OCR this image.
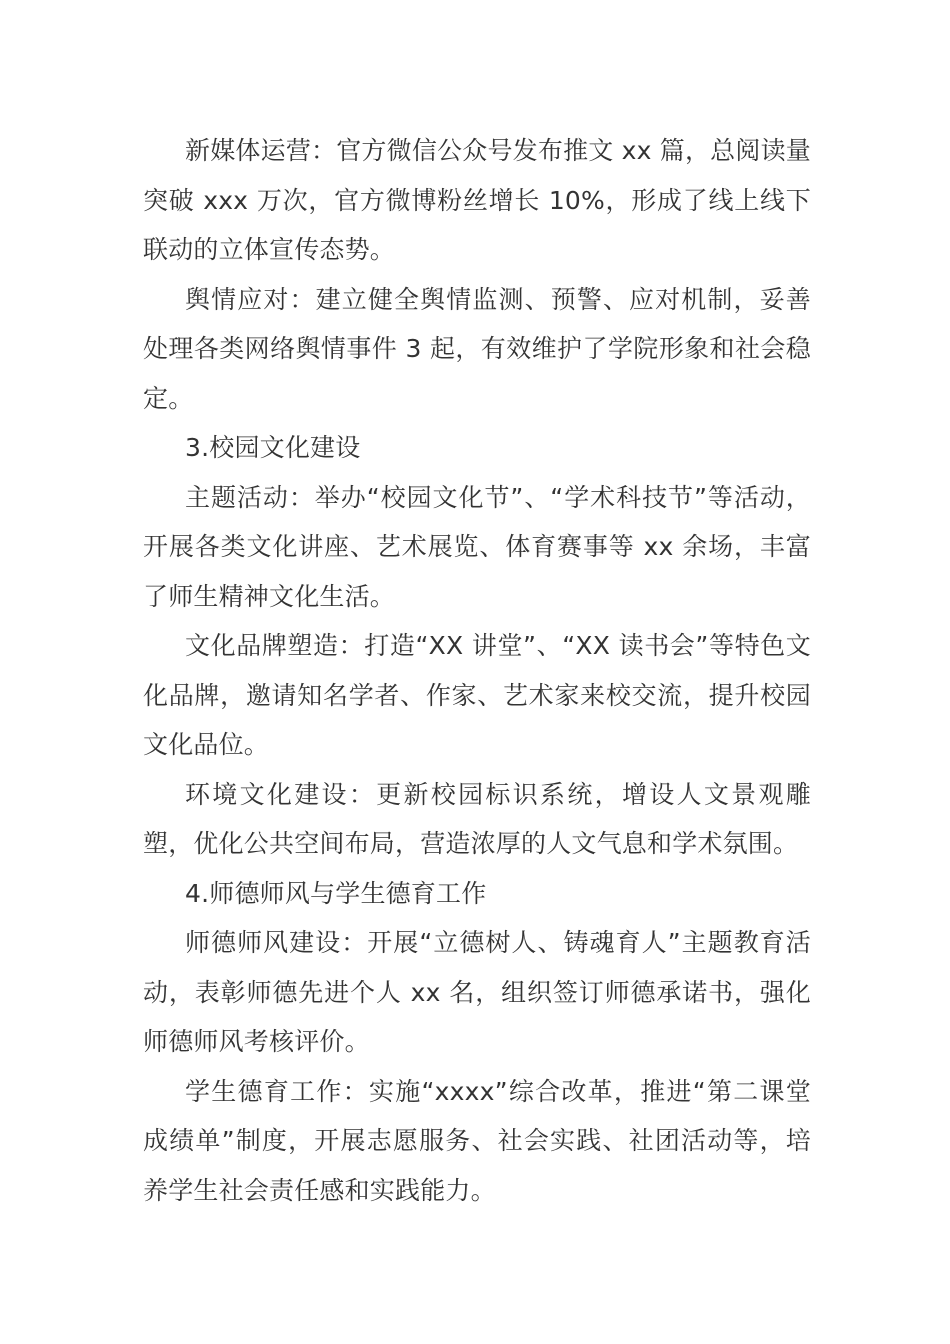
新媒体运营：官方微信公众号发布推文 xx 篇，总阅读量突破 xxx 万次，官方微博粉丝增长 10%，形成了线上线下联动的立体宣传态势。

舆情应对：建立健全舆情监测、预警、应对机制，妥善处理各类网络舆情事件 3 起，有效维护了学院形象和社会稳定。

3.校园文化建设

主题活动：举办“校园文化节”、“学术科技节”等活动，开展各类文化讲座、艺术展览、体育赛事等 xx 余场，丰富了师生精神文化生活。

文化品牌塑造：打造“XX 讲堂”、“XX 读书会”等特色文化品牌，邀请知名学者、作家、艺术家来校交流，提升校园文化品位。

环境文化建设：更新校园标识系统，增设人文景观雕塑，优化公共空间布局，营造浓厚的人文气息和学术氛围。

4.师德师风与学生德育工作

师德师风建设：开展“立德树人、铸魂育人”主题教育活动，表彰师德先进个人 xx 名，组织签订师德承诺书，强化师德师风考核评价。

学生德育工作：实施“xxxx”综合改革，推进“第二课堂成绩单”制度，开展志愿服务、社会实践、社团活动等，培养学生社会责任感和实践能力。
